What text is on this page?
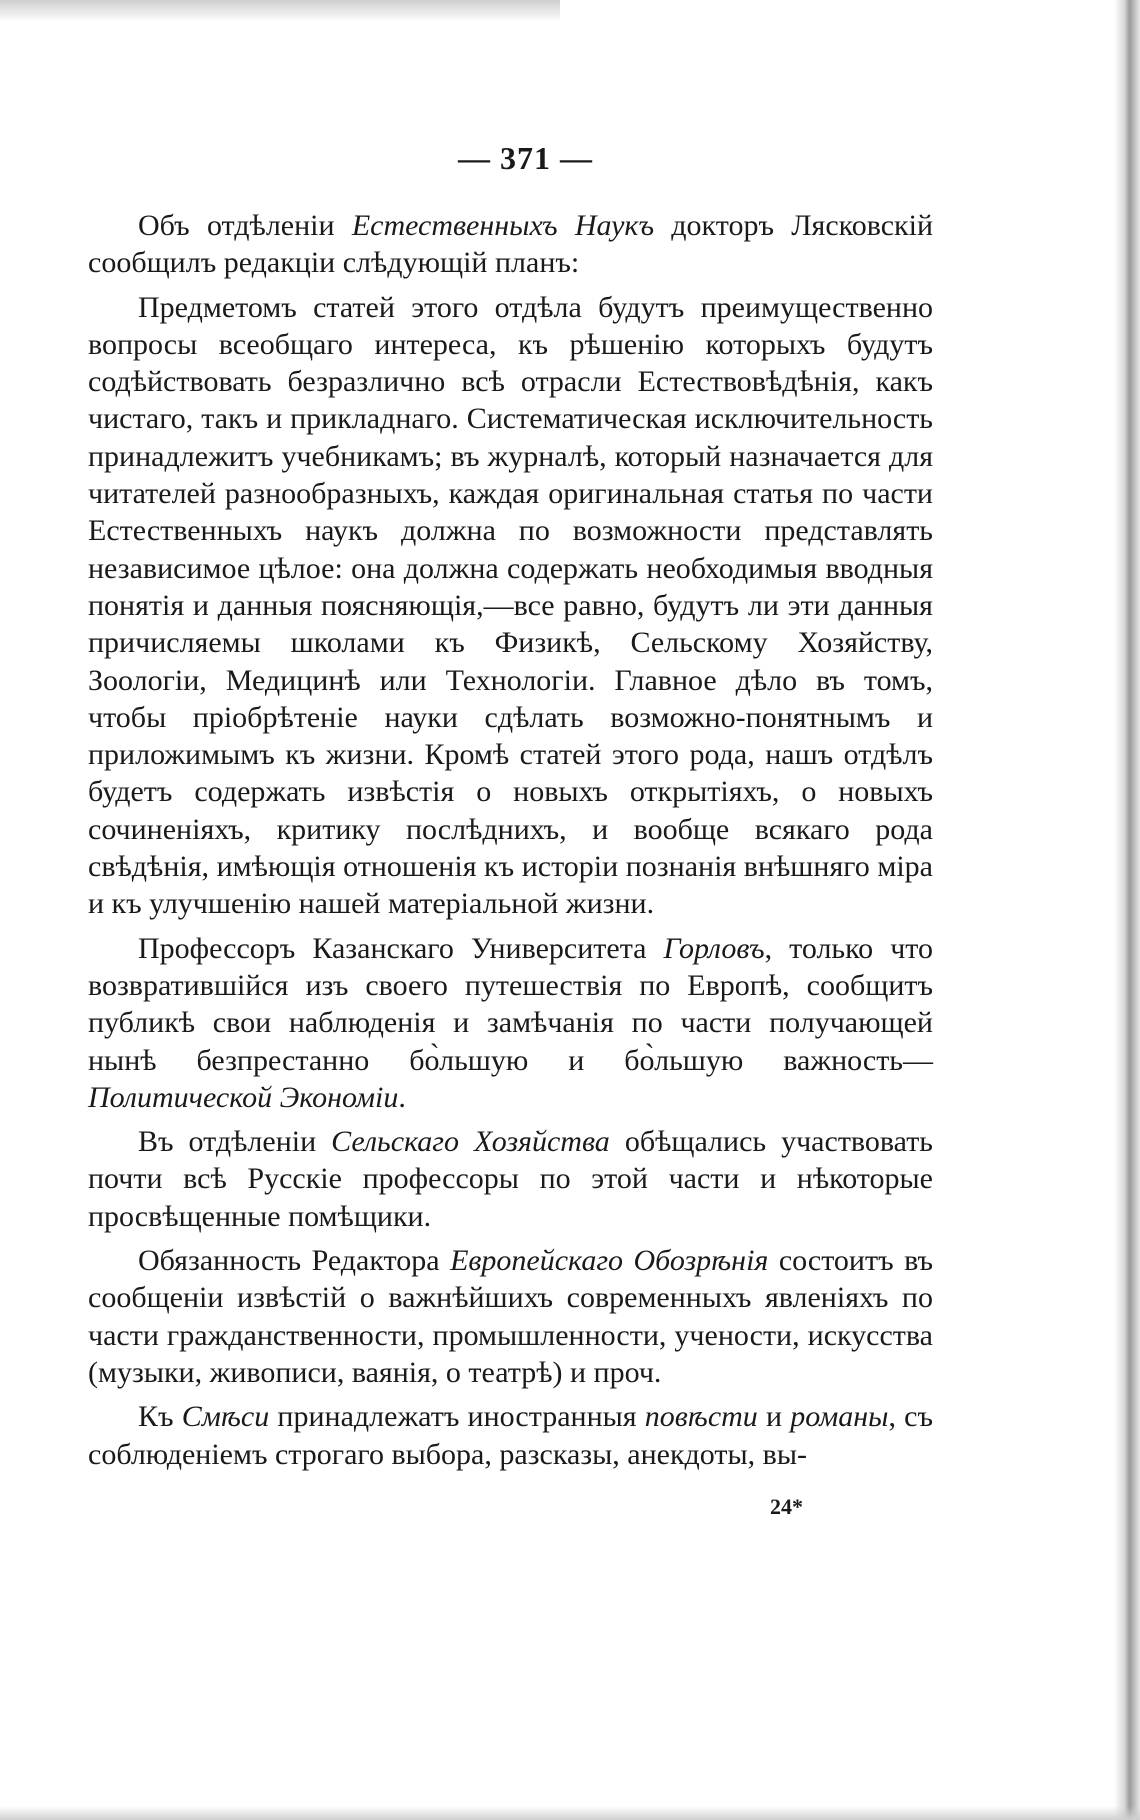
— 371 —

Объ отдѣленіи Естественныхъ Наукъ докторъ Лясковскій сообщилъ редакціи слѣдующій планъ:

Предметомъ статей этого отдѣла будутъ преимущественно вопросы всеобщаго интереса, къ рѣшенію которыхъ будутъ содѣйствовать безразлично всѣ отрасли Естествовѣдѣнія, какъ чистаго, такъ и прикладнаго. Систематическая исключительность принадлежитъ учебникамъ; въ журналѣ, который назначается для читателей разнообразныхъ, каждая оригинальная статья по части Естественныхъ наукъ должна по возможности представлять независимое цѣлое: она должна содержать необходимыя вводныя понятія и данныя поясняющія,—все равно, будутъ ли эти данныя причисляемы школами къ Физикѣ, Сельскому Хозяйству, Зоологіи, Медицинѣ или Технологіи. Главное дѣло въ томъ, чтобы пріобрѣтеніе науки сдѣлать возможно-понятнымъ и приложимымъ къ жизни. Кромѣ статей этого рода, нашъ отдѣлъ будетъ содержать извѣстія о новыхъ открытіяхъ, о новыхъ сочиненіяхъ, критику послѣднихъ, и вообще всякаго рода свѣдѣнія, имѣющія отношенія къ исторіи познанія внѣшняго міра и къ улучшенію нашей матеріальной жизни.

Профессоръ Казанскаго Университета Горловъ, только что возвратившійся изъ своего путешествія по Европѣ, сообщитъ публикѣ свои наблюденія и замѣчанія по части получающей нынѣ безпрестанно бо̀льшую и бо̀льшую важность— Политической Экономіи.

Въ отдѣленіи Сельскаго Хозяйства обѣщались участвовать почти всѣ Русскіе профессоры по этой части и нѣкоторые просвѣщенные помѣщики.

Обязанность Редактора Европейскаго Обозрѣнія состоитъ въ сообщеніи извѣстій о важнѣйшихъ современныхъ явленіяхъ по части гражданственности, промышленности, учености, искусства (музыки, живописи, ваянія, о театрѣ) и проч.

Къ Смѣси принадлежатъ иностранныя повѣсти и романы, съ соблюденіемъ строгаго выбора, разсказы, анекдоты, вы-

24*
